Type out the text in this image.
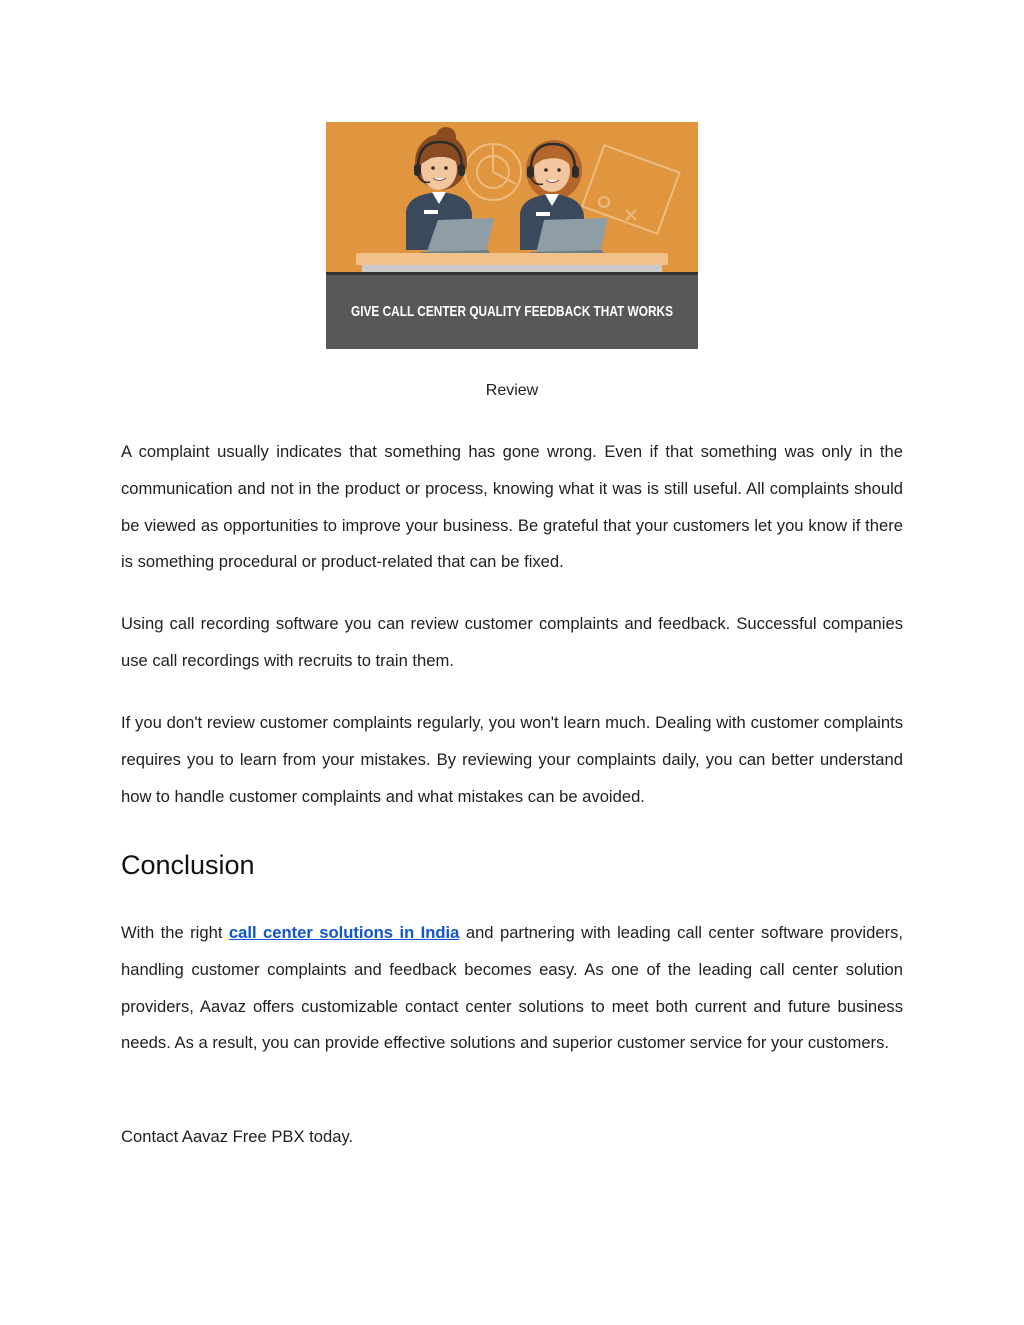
GIVE CALL CENTER QUALITY FEEDBACK THAT WORKS
Review

A complaint usually indicates that something has gone wrong. Even if that something was only in the communication and not in the product or process, knowing what it was is still useful. All complaints should be viewed as opportunities to improve your business. Be grateful that your customers let you know if there is something procedural or product-related that can be fixed.

Using call recording software you can review customer complaints and feedback. Successful companies use call recordings with recruits to train them.

If you don't review customer complaints regularly, you won't learn much. Dealing with customer complaints requires you to learn from your mistakes. By reviewing your complaints daily, you can better understand how to handle customer complaints and what mistakes can be avoided.

Conclusion

With the right call center solutions in India and partnering with leading call center software providers, handling customer complaints and feedback becomes easy. As one of the leading call center solution providers, Aavaz offers customizable contact center solutions to meet both current and future business needs. As a result, you can provide effective solutions and superior customer service for your customers.

Contact Aavaz Free PBX today.
